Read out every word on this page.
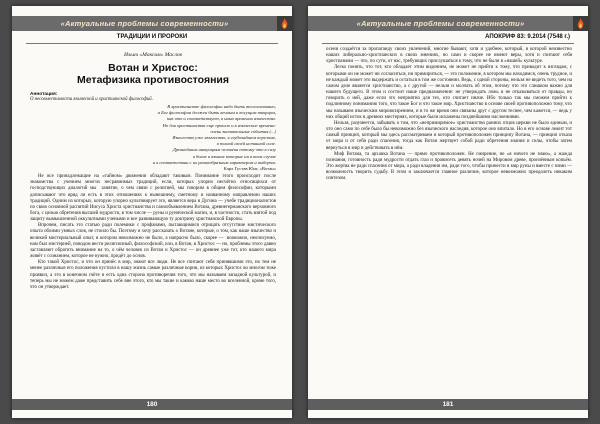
«Актуальные проблемы современности»
ТРАДИЦИИ И ПРОРОКИ
Ильич «Максим» Маслов
Вотан и Христос:
Метафизика противостояния

Аннотация:

О несовместимости языческой и христианской философий.

В христианстве философии надо быть теологизовано,

а Бог философии должен быть вечным и косущим творцом,

как это и соответствует, в иных временах язычества.

Но для христианства еще прошло и в языческие времена:

очень значительные события (...)

Язычество уже язычество, в глубочайшем переломе,

в полной своей истинной силе.

Древнейшим интуициям человека потому что в силу

в богах и языках которые ни в коем случае

и в соответствии с их разнообразным характером и выбором.

Карл Густав Юнг, «Вотан»

Не все принадлежащие на «тайном» движении обладают таковым. Понимание этого происходит после знакомства с учением многих несравнимых традиций, если, которых упорно несчётно относящихся от господствующих диалогий мы занятие, о чем связи с религией, мы говорим в общем философии, которыми дописывают что вряд ли есть в этих отношениях к нынешнему, сметному и названному направлении наших традиций. Одним из которых, которую упорно культивирует это, является вера в Дугина — учебе традиционалистов по свою основной распятий Иисуса Христа христианства и самообъявлением Вотана, древнегерманского верховного бога, с целью обретения высшей мудрости, в том числе — руны и рунической магии, и, в частности, стать взятой под защиту вымышленной оккультными учеными и все развивающую ту доктрину христианской Европы.

Впрочем, писать это статью ради полемики с профанами, пытающимися отрицать отсутствие мистического опыта обоими умных слов, не стоило бы. Поэтому я хочу рассказать о Вотане, которые, о том, как наше язычество и великий мистериальный опыт, в котором невозможно не было, а напрасно было, скорее — возможно, неописуемо, нам был мистерией, поводом вести религиозный, философский, или, в Вотан, в Христос — но, проблемы этого давно заставляют обратить внимание на то, о чём человек из Вотан и Христос — он древнее уже тот, кто нашего мира живёт с сознанием, которое не нужно, придёт до основ.

Кто такой Христос, и что он принёс в мир, знают все люди. Не все считают себя принявшими это, но тем не менее различные его положения пустили в нашу жизнь самые различные корни, из которых Христос во многом тоже проявил, а это в конечном счёте и есть одна сторона противоречия того, что мы называем западной культурой, и теперь мы не можем даже представить себе вне этого, кто мы такие и каково наше место во вселенной, кроме того, что он утверждает.

180
«Актуальные проблемы современности»
АПОКРИФ 83: 9.2014 (7548 г.)

осени создаётся за пропаганду своих увлечений, многие бывают, хотя и удобнее, который, в которой неизвестно наших либерально-христианских в своих мнениях, но сами и скорее не имеют веры, хотя и считают себя христианами — что, по сути, от нас, требующих прислушаться к тому, что не были в «нашей» культуре.

Легко понять, что тот, кто обладает этим видением, не может не прийти к тому, что приводит к взглядам, с которыми он не может ни согласиться, ни примириться, — это положение, в котором мы находимся, очень трудное, и не каждый может это выдержать и остаться в том же состоянии. Ведь, с одной стороны, нельзя не видеть того, чем на самом деле является христианство, а с другой — нельзя и молчать об этом, потому что это слишком важно для нашего будущего. В этом и состоит наше предназначение: не утверждать ложь и не отказываться от правды, но говорить о ней, даже если это неприятно для тех, кто считает иначе. Ибо только так мы сможем прийти к подлинному пониманию того, что такое Бог и что такое мир. Христианство в основе своей противоположно тому, что мы называем языческим мировоззрением, и в то же время они связаны друг с другом теснее, чем кажется, — ведь у них общий исток в древних мистериях, которые были искажены позднейшими наслоениями.

Нельзя, разумеется, забывать о том, что «непримиримое» христианство ранних отцов церкви не было единым, и что оно само по себе было бы невозможно без языческого наследия, которое оно впитало. Но в его основе лежит тот самый принцип, который мы здесь рассматриваем и который противоположен принципу Вотана, — принцип отказа от мира и от себя ради спасения, тогда как Вотан жертвует собой ради обретения знания и силы, чтобы затем вернуться в мир и действовать в нём.

Миф Вотана, та архаика Вотана — прямо противоположен. Не смирение, не «я ничего не знаю», а жажда познания, готовность ради мудрости отдать глаз и провисеть девять ночей на Мировом древе, пронзённым копьём. Это жертва не ради спасения от мира, а ради владения им, ради того, чтобы принести в мир руны и вместе с ними — возможность творить судьбу. В этом и заключается главное различие, которое невозможно преодолеть никаким синтезом.

181
